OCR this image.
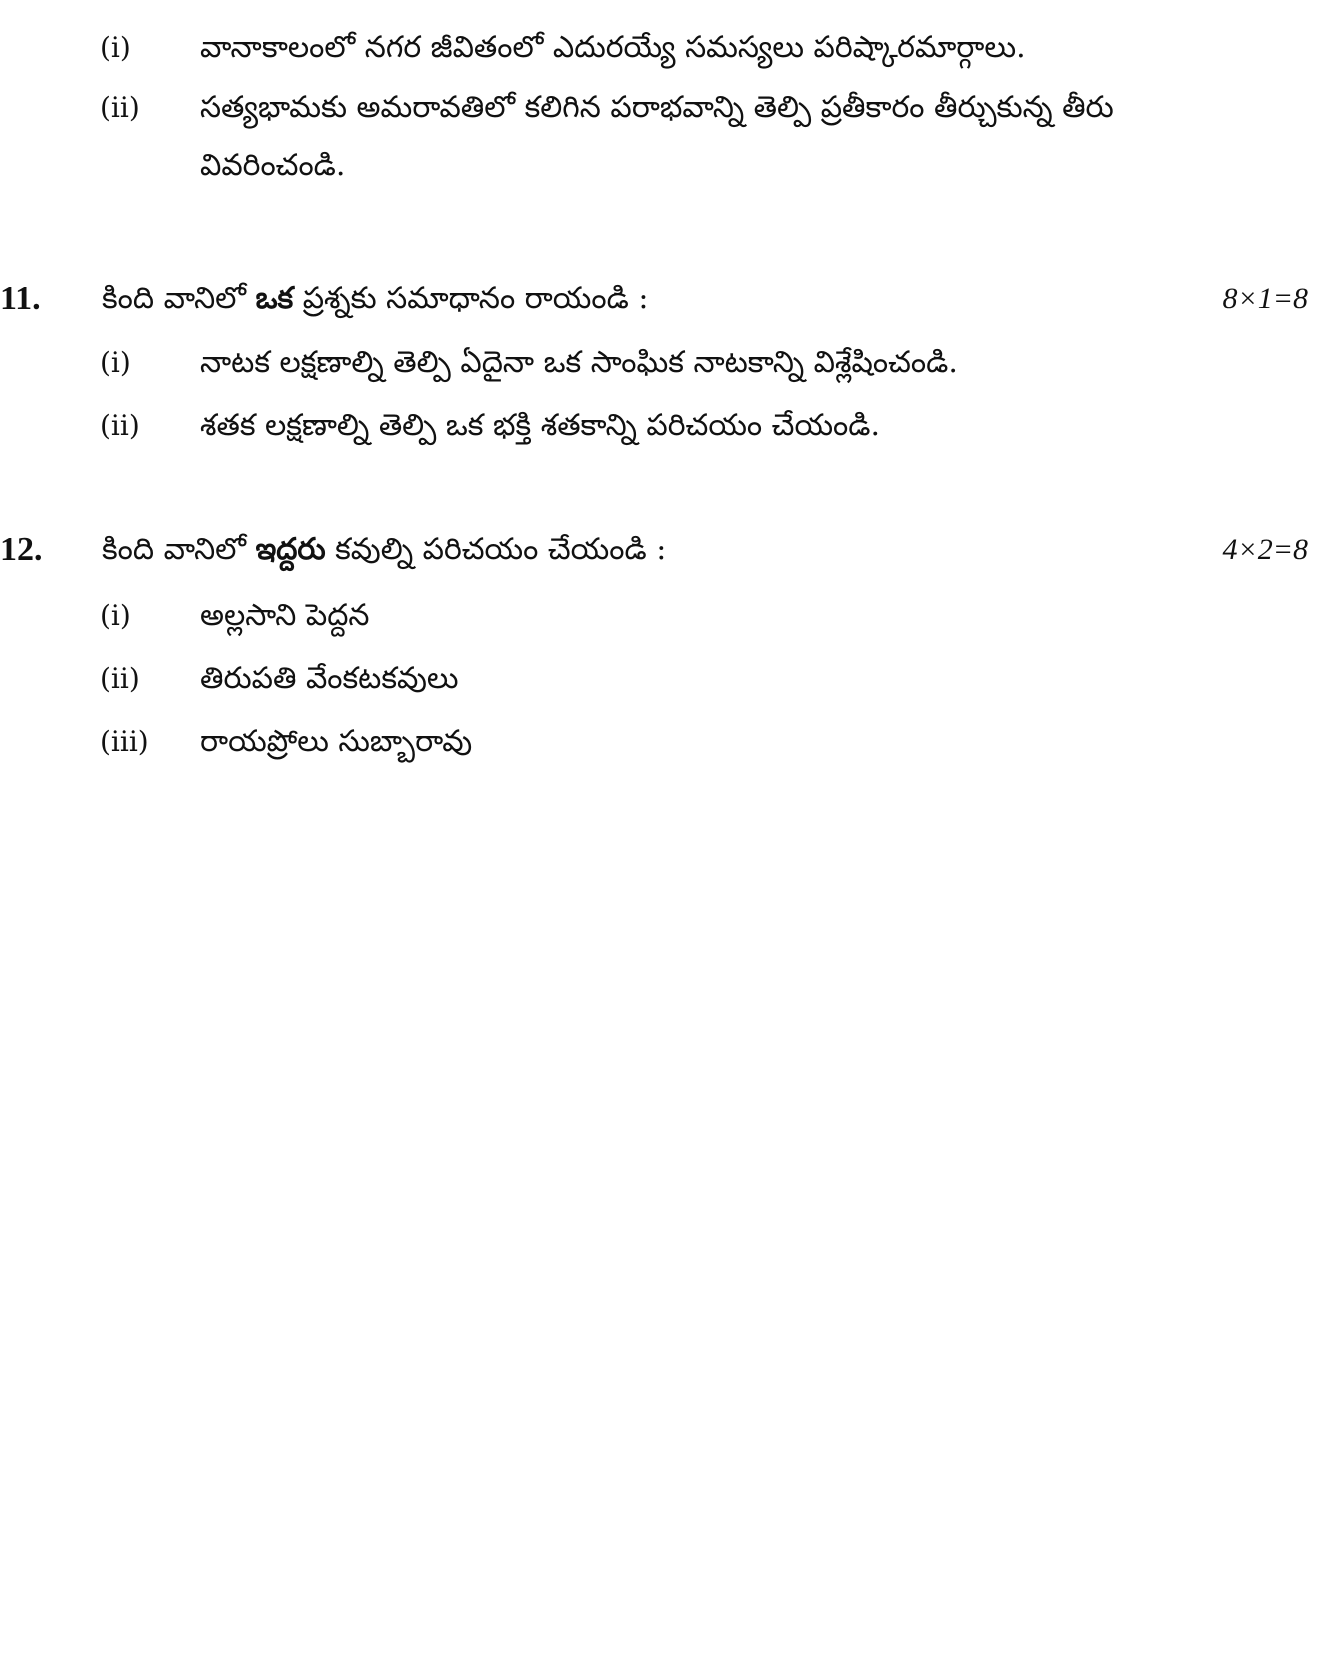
(i) వానాకాలంలో నగర జీవితంలో ఎదురయ్యే సమస్యలు పరిష్కారమార్గాలు.
(ii) సత్యభామకు అమరావతిలో కలిగిన పరాభవాన్ని తెల్పి ప్రతీకారం తీర్చుకున్న తీరు
వివరించండి.
11. కింది వానిలో ఒక ప్రశ్నకు సమాధానం రాయండి :	8×1=8
(i) నాటక లక్షణాల్ని తెల్పి ఏదైనా ఒక సాంఘిక నాటకాన్ని విశ్లేషించండి.
(ii) శతక లక్షణాల్ని తెల్పి ఒక భక్తి శతకాన్ని పరిచయం చేయండి.
12. కింది వానిలో ఇద్దరు కవుల్ని పరిచయం చేయండి :	4×2=8
(i) అల్లసాని పెద్దన
(ii) తిరుపతి వేంకటకవులు
(iii) రాయప్రోలు సుబ్బారావు
